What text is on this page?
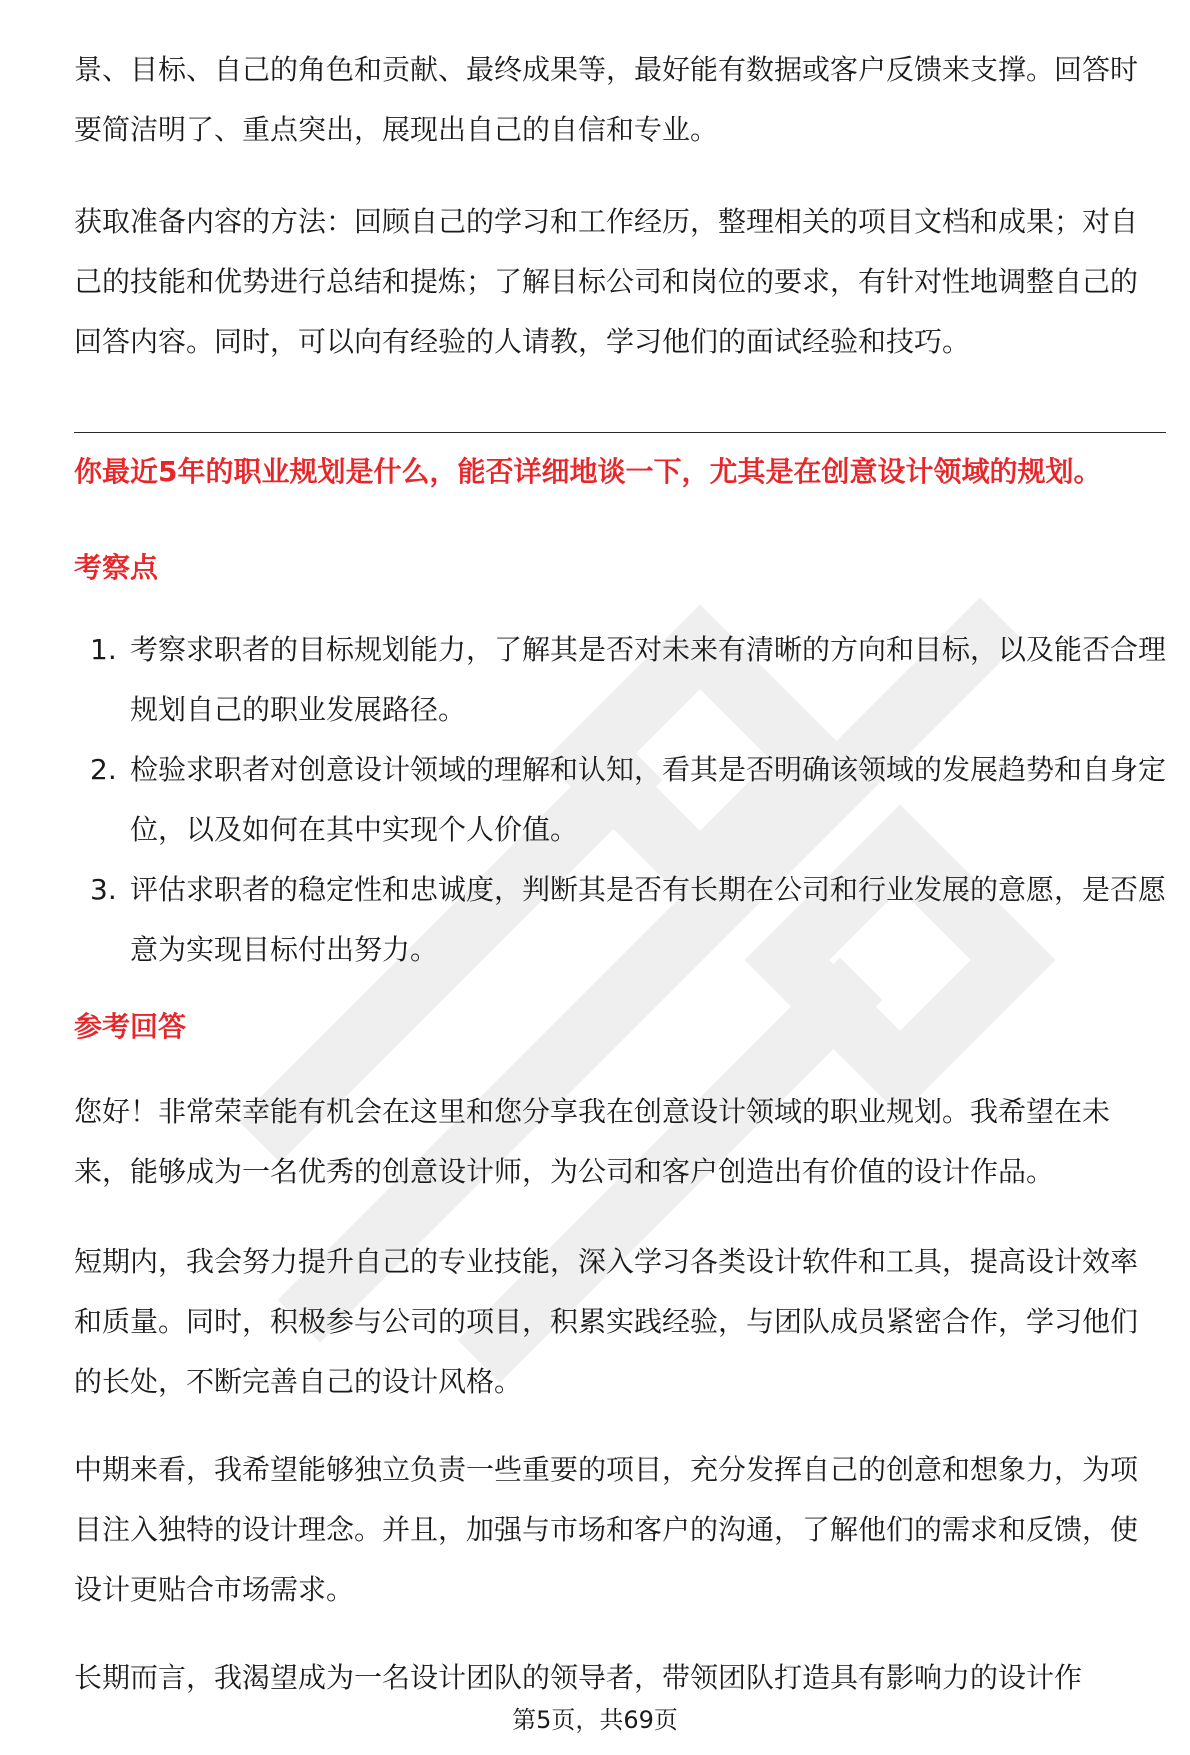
景、目标、自己的角色和贡献、最终成果等，最好能有数据或客户反馈来支撑。回答时要简洁明了、重点突出，展现出自己的自信和专业。

获取准备内容的方法：回顾自己的学习和工作经历，整理相关的项目文档和成果；对自己的技能和优势进行总结和提炼；了解目标公司和岗位的要求，有针对性地调整自己的回答内容。同时，可以向有经验的人请教，学习他们的面试经验和技巧。

你最近5年的职业规划是什么，能否详细地谈一下，尤其是在创意设计领域的规划。

考察点
1. 考察求职者的目标规划能力，了解其是否对未来有清晰的方向和目标，以及能否合理规划自己的职业发展路径。
2. 检验求职者对创意设计领域的理解和认知，看其是否明确该领域的发展趋势和自身定位，以及如何在其中实现个人价值。
3. 评估求职者的稳定性和忠诚度，判断其是否有长期在公司和行业发展的意愿，是否愿意为实现目标付出努力。
参考回答

您好！非常荣幸能有机会在这里和您分享我在创意设计领域的职业规划。我希望在未来，能够成为一名优秀的创意设计师，为公司和客户创造出有价值的设计作品。

短期内，我会努力提升自己的专业技能，深入学习各类设计软件和工具，提高设计效率和质量。同时，积极参与公司的项目，积累实践经验，与团队成员紧密合作，学习他们的长处，不断完善自己的设计风格。

中期来看，我希望能够独立负责一些重要的项目，充分发挥自己的创意和想象力，为项目注入独特的设计理念。并且，加强与市场和客户的沟通，了解他们的需求和反馈，使设计更贴合市场需求。

长期而言，我渴望成为一名设计团队的领导者，带领团队打造具有影响力的设计作

第5页，共69页
